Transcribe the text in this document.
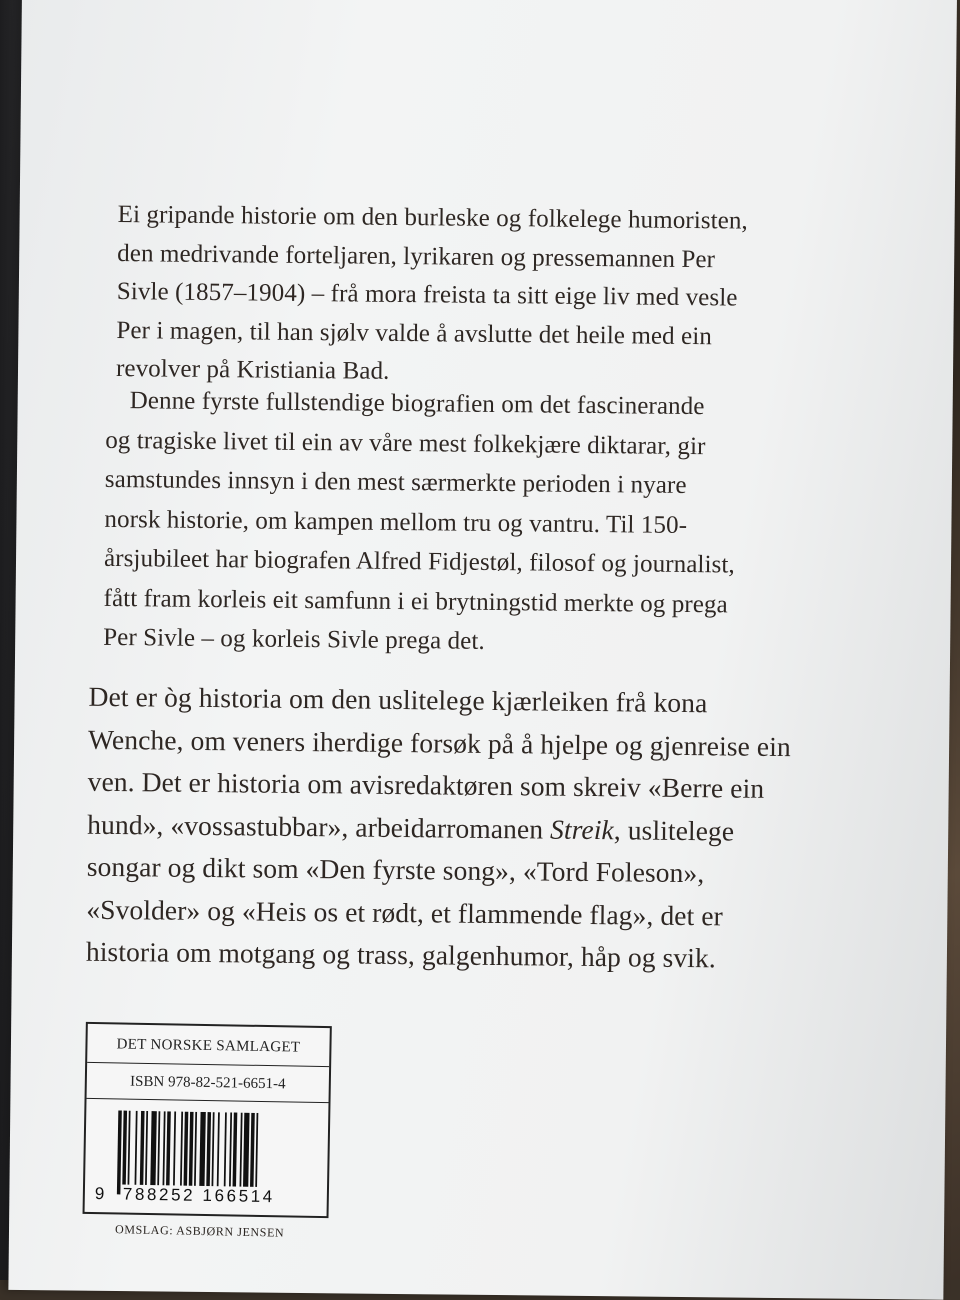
Ei gripande historie om den burleske og folkelege humoristen,
den medrivande forteljaren, lyrikaren og pressemannen Per
Sivle (1857–1904) – frå mora freista ta sitt eige liv med vesle
Per i magen, til han sjølv valde å avslutte det heile med ein
revolver på Kristiania Bad.
Denne fyrste fullstendige biografien om det fascinerande
og tragiske livet til ein av våre mest folkekjære diktarar, gir
samstundes innsyn i den mest særmerkte perioden i nyare
norsk historie, om kampen mellom tru og vantru. Til 150-
årsjubileet har biografen Alfred Fidjestøl, filosof og journalist,
fått fram korleis eit samfunn i ei brytningstid merkte og prega
Per Sivle – og korleis Sivle prega det.
Det er òg historia om den uslitelege kjærleiken frå kona
Wenche, om veners iherdige forsøk på å hjelpe og gjenreise ein
ven. Det er historia om avisredaktøren som skreiv «Berre ein
hund», «vossastubbar», arbeidarromanen Streik, uslitelege
songar og dikt som «Den fyrste song», «Tord Foleson»,
«Svolder» og «Heis os et rødt, et flammende flag», det er
historia om motgang og trass, galgenhumor, håp og svik.
DET NORSKE SAMLAGET
ISBN 978-82-521-6651-4
9 788252 166514
OMSLAG: ASBJØRN JENSEN
